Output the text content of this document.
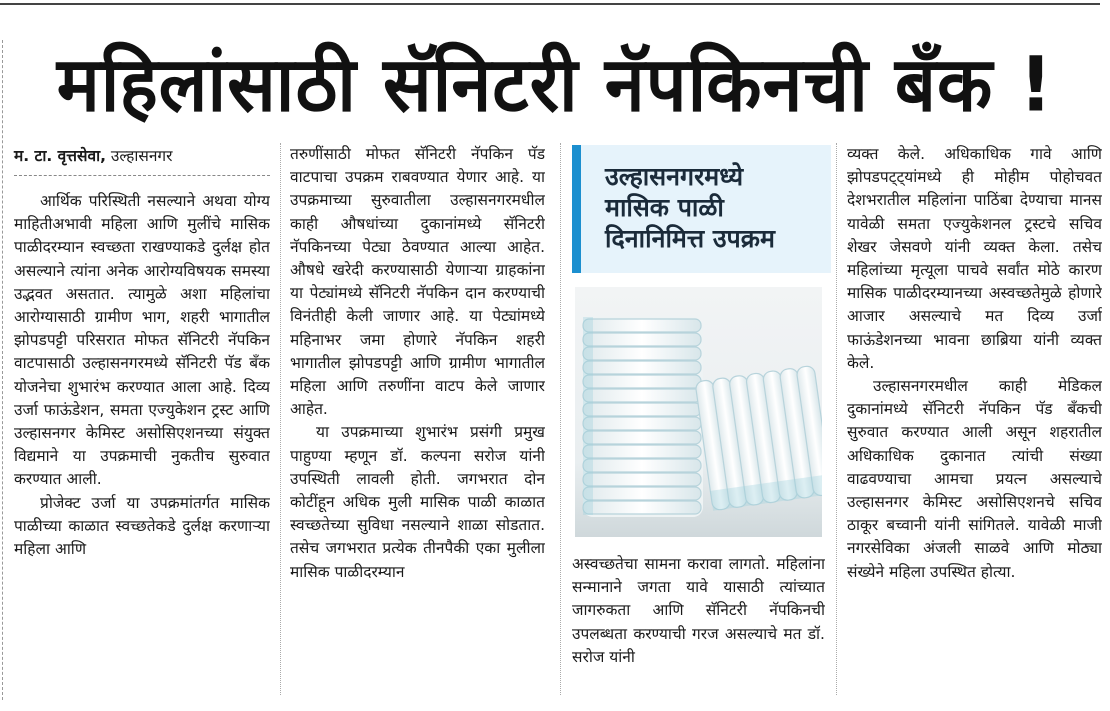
महिलांसाठी सॅनिटरी नॅपकिनची बँक !
म. टा. वृत्तसेवा, उल्हासनगर

आर्थिक परिस्थिती नसल्याने अथवा योग्य माहितीअभावी महिला आणि मुलींचे मासिक पाळीदरम्यान स्वच्छता राखण्याकडे दुर्लक्ष होत असल्याने त्यांना अनेक आरोग्यविषयक समस्या उद्भवत असतात. त्यामुळे अशा महिलांचा आरोग्यासाठी ग्रामीण भाग, शहरी भागातील झोपडपट्टी परिसरात मोफत सॅनिटरी नॅपकिन वाटपासाठी उल्हासनगरमध्ये सॅनिटरी पॅड बँक योजनेचा शुभारंभ करण्यात आला आहे. दिव्य उर्जा फाऊंडेशन, समता एज्युकेशन ट्रस्ट आणि उल्हासनगर केमिस्ट असोसिएशनच्या संयुक्त विद्यमाने या उपक्रमाची नुकतीच सुरुवात करण्यात आली.

प्रोजेक्ट उर्जा या उपक्रमांतर्गत मासिक पाळीच्या काळात स्वच्छतेकडे दुर्लक्ष करणाऱ्या महिला आणि

तरुणींसाठी मोफत सॅनिटरी नॅपकिन पॅड वाटपाचा उपक्रम राबवण्यात येणार आहे. या उपक्रमाच्या सुरुवातीला उल्हासनगरमधील काही औषधांच्या दुकानांमध्ये सॅनिटरी नॅपकिनच्या पेट्या ठेवण्यात आल्या आहेत. औषधे खरेदी करण्यासाठी येणाऱ्या ग्राहकांना या पेट्यांमध्ये सॅनिटरी नॅपकिन दान करण्याची विनंतीही केली जाणार आहे. या पेट्यांमध्ये महिनाभर जमा होणारे नॅपकिन शहरी भागातील झोपडपट्टी आणि ग्रामीण भागातील महिला आणि तरुणींना वाटप केले जाणार आहेत.

या उपक्रमाच्या शुभारंभ प्रसंगी प्रमुख पाहुण्या म्हणून डॉ. कल्पना सरोज यांनी उपस्थिती लावली होती. जगभरात दोन कोटींहून अधिक मुली मासिक पाळी काळात स्वच्छतेच्या सुविधा नसल्याने शाळा सोडतात. तसेच जगभरात प्रत्येक तीनपैकी एका मुलीला मासिक पाळीदरम्यान

उल्हासनगरमध्ये
मासिक पाळी
दिनानिमित्त उपक्रम

अस्वच्छतेचा सामना करावा लागतो. महिलांना सन्मानाने जगता यावे यासाठी त्यांच्यात जागरुकता आणि सॅनिटरी नॅपकिनची उपलब्धता करण्याची गरज असल्याचे मत डॉ. सरोज यांनी

व्यक्त केले. अधिकाधिक गावे आणि झोपडपट्ट्यांमध्ये ही मोहीम पोहोचवत देशभरातील महिलांना पाठिंबा देण्याचा मानस यावेळी समता एज्युकेशनल ट्रस्टचे सचिव शेखर जेसवणे यांनी व्यक्त केला. तसेच महिलांच्या मृत्यूला पाचवे सर्वांत मोठे कारण मासिक पाळीदरम्यानच्या अस्वच्छतेमुळे होणारे आजार असल्याचे मत दिव्य उर्जा फाऊंडेशनच्या भावना छाब्रिया यांनी व्यक्त केले.

उल्हासनगरमधील काही मेडिकल दुकानांमध्ये सॅनिटरी नॅपकिन पॅड बँकची सुरुवात करण्यात आली असून शहरातील अधिकाधिक दुकानात त्यांची संख्या वाढवण्याचा आमचा प्रयत्न असल्याचे उल्हासनगर केमिस्ट असोसिएशनचे सचिव ठाकूर बच्वानी यांनी सांगितले. यावेळी माजी नगरसेविका अंजली साळवे आणि मोठ्या संख्येने महिला उपस्थित होत्या.
